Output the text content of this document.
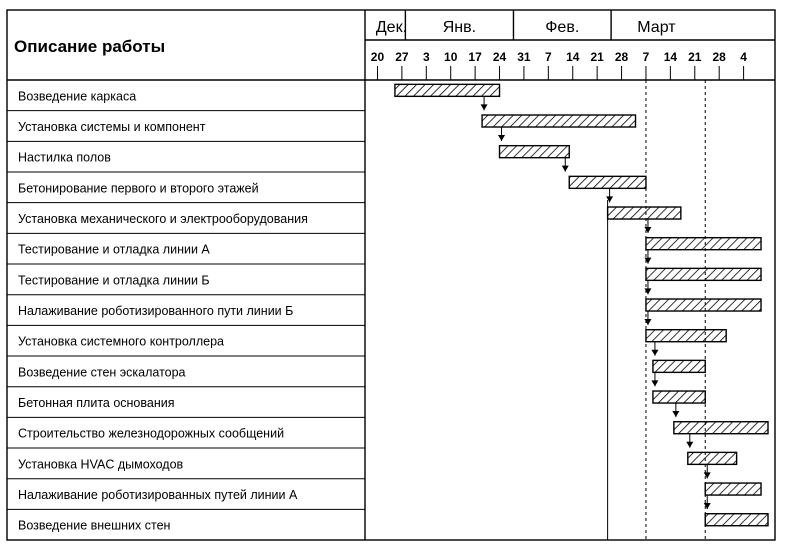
Описание работы
Дек. Янв.	Фев.	Март
20 27 3 10 17 24 31 7 14 21 28 7 14 21 28 4
Возведение каркаса
Установка системы и компонент
Настилка полов
Бетонирование первого и второго этажей
Установка механического и электрооборудования
Тестирование и отладка линии А
Тестирование и отладка линии Б
Налаживание роботизированного пути линии Б
Установка системного контроллера
Возведение стен эскалатора
Бетонная плита основания
Строительство железнодорожных сообщений
Установка HVAC дымоходов
Налаживание роботизированных путей линии А
Возведение внешних стен
